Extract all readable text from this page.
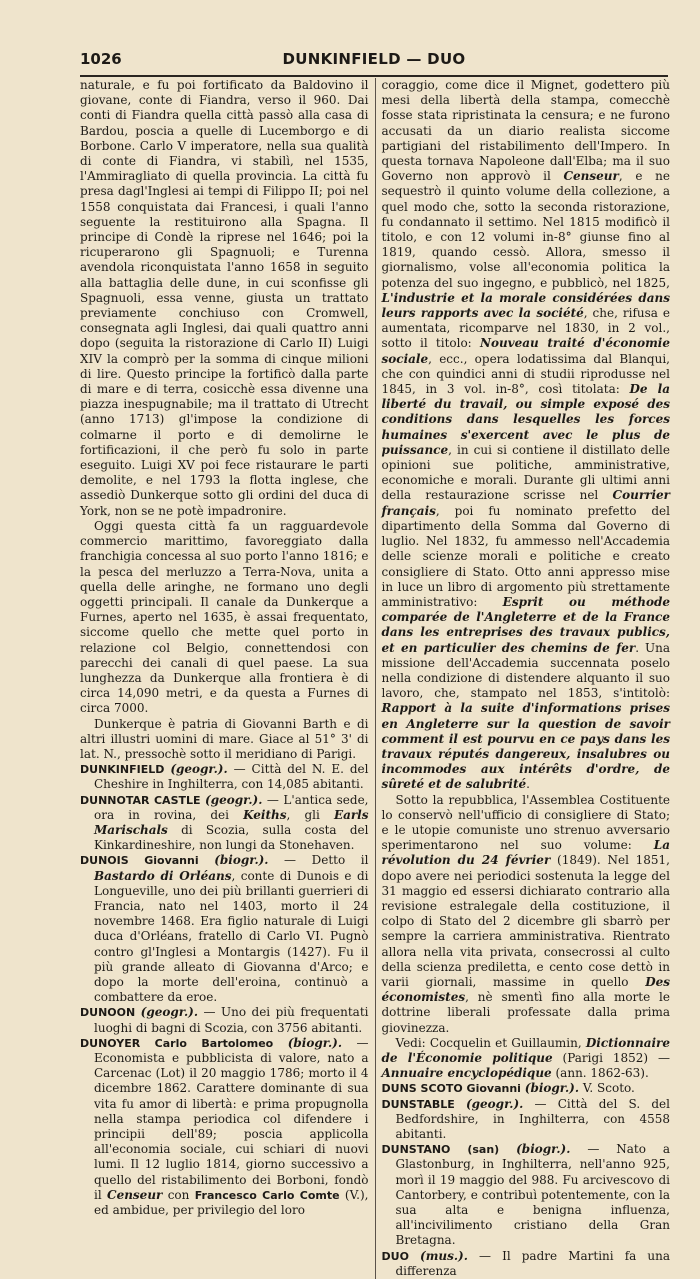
1026	DUNKINFIELD — DUO

naturale, e fu poi fortificato da Baldovino il giovane, conte di Fiandra, verso il 960. Dai conti di Fiandra quella città passò alla casa di Bardou, poscia a quelle di Lucemborgo e di Borbone. Carlo V imperatore, nella sua qualità di conte di Fiandra, vi stabilì, nel 1535, l'Ammiragliato di quella provincia. La città fu presa dagl'Inglesi ai tempi di Filippo II; poi nel 1558 conquistata dai Francesi, i quali l'anno seguente la restituirono alla Spagna. Il principe di Condè la riprese nel 1646; poi la ricuperarono gli Spagnuoli; e Turenna avendola riconquistata l'anno 1658 in seguito alla battaglia delle dune, in cui sconfisse gli Spagnuoli, essa venne, giusta un trattato previamente conchiuso con Cromwell, consegnata agli Inglesi, dai quali quattro anni dopo (seguita la ristorazione di Carlo II) Luigi XIV la comprò per la somma di cinque milioni di lire. Questo principe la fortificò dalla parte di mare e di terra, cosicchè essa divenne una piazza inespugnabile; ma il trattato di Utrecht (anno 1713) gl'impose la condizione di colmarne il porto e di demolirne le fortificazioni, il che però fu solo in parte eseguito. Luigi XV poi fece ristaurare le parti demolite, e nel 1793 la flotta inglese, che assediò Dunkerque sotto gli ordini del duca di York, non se ne potè impadronire.

Oggi questa città fa un ragguardevole commercio marittimo, favoreggiato dalla franchigia concessa al suo porto l'anno 1816; e la pesca del merluzzo a Terra-Nova, unita a quella delle aringhe, ne formano uno degli oggetti principali. Il canale da Dunkerque a Furnes, aperto nel 1635, è assai frequentato, siccome quello che mette quel porto in relazione col Belgio, connettendosi con parecchi dei canali di quel paese. La sua lunghezza da Dunkerque alla frontiera è di circa 14,090 metri, e da questa a Furnes di circa 7000.

Dunkerque è patria di Giovanni Barth e di altri illustri uomini di mare. Giace al 51° 3' di lat. N., pressochè sotto il meridiano di Parigi.

DUNKINFIELD (geogr.). — Città del N. E. del Cheshire in Inghilterra, con 14,085 abitanti.

DUNNOTAR CASTLE (geogr.). — L'antica sede, ora in rovina, dei Keiths, gli Earls Marischals di Scozia, sulla costa del Kinkardineshire, non lungi da Stonehaven.

DUNOIS Giovanni (biogr.). — Detto il Bastardo di Orléans, conte di Dunois e di Longueville, uno dei più brillanti guerrieri di Francia, nato nel 1403, morto il 24 novembre 1468. Era figlio naturale di Luigi duca d'Orléans, fratello di Carlo VI. Pugnò contro gl'Inglesi a Montargis (1427). Fu il più grande alleato di Giovanna d'Arco; e dopo la morte dell'eroina, continuò a combattere da eroe.

DUNOON (geogr.). — Uno dei più frequentati luoghi di bagni di Scozia, con 3756 abitanti.

DUNOYER Carlo Bartolomeo (biogr.). — Economista e pubblicista di valore, nato a Carcenac (Lot) il 20 maggio 1786; morto il 4 dicembre 1862. Carattere dominante di sua vita fu amor di libertà: e prima propugnolla nella stampa periodica col difendere i principii dell'89; poscia applicolla all'economia sociale, cui schiari di nuovi lumi. Il 12 luglio 1814, giorno successivo a quello del ristabilimento dei Borboni, fondò il Censeur con Francesco Carlo Comte (V.), ed ambidue, per privilegio del loro

coraggio, come dice il Mignet, godettero più mesi della libertà della stampa, comecchè fosse stata ripristinata la censura; e ne furono accusati da un diario realista siccome partigiani del ristabilimento dell'Impero. In questa tornava Napoleone dall'Elba; ma il suo Governo non approvò il Censeur, e ne sequestrò il quinto volume della collezione, a quel modo che, sotto la seconda ristorazione, fu condannato il settimo. Nel 1815 modificò il titolo, e con 12 volumi in-8° giunse fino al 1819, quando cessò. Allora, smesso il giornalismo, volse all'economia politica la potenza del suo ingegno, e pubblicò, nel 1825, L'industrie et la morale considérées dans leurs rapports avec la société, che, rifusa e aumentata, ricomparve nel 1830, in 2 vol., sotto il titolo: Nouveau traité d'économie sociale, ecc., opera lodatissima dal Blanqui, che con quindici anni di studii riprodusse nel 1845, in 3 vol. in-8°, così titolata: De la liberté du travail, ou simple exposé des conditions dans lesquelles les forces humaines s'exercent avec le plus de puissance, in cui si contiene il distillato delle opinioni sue politiche, amministrative, economiche e morali. Durante gli ultimi anni della restaurazione scrisse nel Courrier français, poi fu nominato prefetto del dipartimento della Somma dal Governo di luglio. Nel 1832, fu ammesso nell'Accademia delle scienze morali e politiche e creato consigliere di Stato. Otto anni appresso mise in luce un libro di argomento più strettamente amministrativo: Esprit ou méthode comparée de l'Angleterre et de la France dans les entreprises des travaux publics, et en particulier des chemins de fer. Una missione dell'Accademia succennata poselo nella condizione di distendere alquanto il suo lavoro, che, stampato nel 1853, s'intitolò: Rapport à la suite d'informations prises en Angleterre sur la question de savoir comment il est pourvu en ce pays dans les travaux réputés dangereux, insalubres ou incommodes aux intérêts d'ordre, de sûreté et de salubrité.

Sotto la repubblica, l'Assemblea Costituente lo conservò nell'ufficio di consigliere di Stato; e le utopie comuniste uno strenuo avversario sperimentarono nel suo volume: La révolution du 24 février (1849). Nel 1851, dopo avere nei periodici sostenuta la legge del 31 maggio ed essersi dichiarato contrario alla revisione estralegale della costituzione, il colpo di Stato del 2 dicembre gli sbarrò per sempre la carriera amministrativa. Rientrato allora nella vita privata, consecrossi al culto della scienza prediletta, e cento cose dettò in varii giornali, massime in quello Des économistes, nè smentì fino alla morte le dottrine liberali professate dalla prima giovinezza.

Vedi: Cocquelin et Guillaumin, Dictionnaire de l'Économie politique (Parigi 1852) — Annuaire encyclopédique (ann. 1862-63).

DUNS SCOTO Giovanni (biogr.). V. Scoto.

DUNSTABLE (geogr.). — Città del S. del Bedfordshire, in Inghilterra, con 4558 abitanti.

DUNSTANO (san) (biogr.). — Nato a Glastonburg, in Inghilterra, nell'anno 925, morì il 19 maggio del 988. Fu arcivescovo di Cantorbery, e contribuì potentemente, con la sua alta e benigna influenza, all'incivilimento cristiano della Gran Bretagna.

DUO (mus.). — Il padre Martini fa una differenza
